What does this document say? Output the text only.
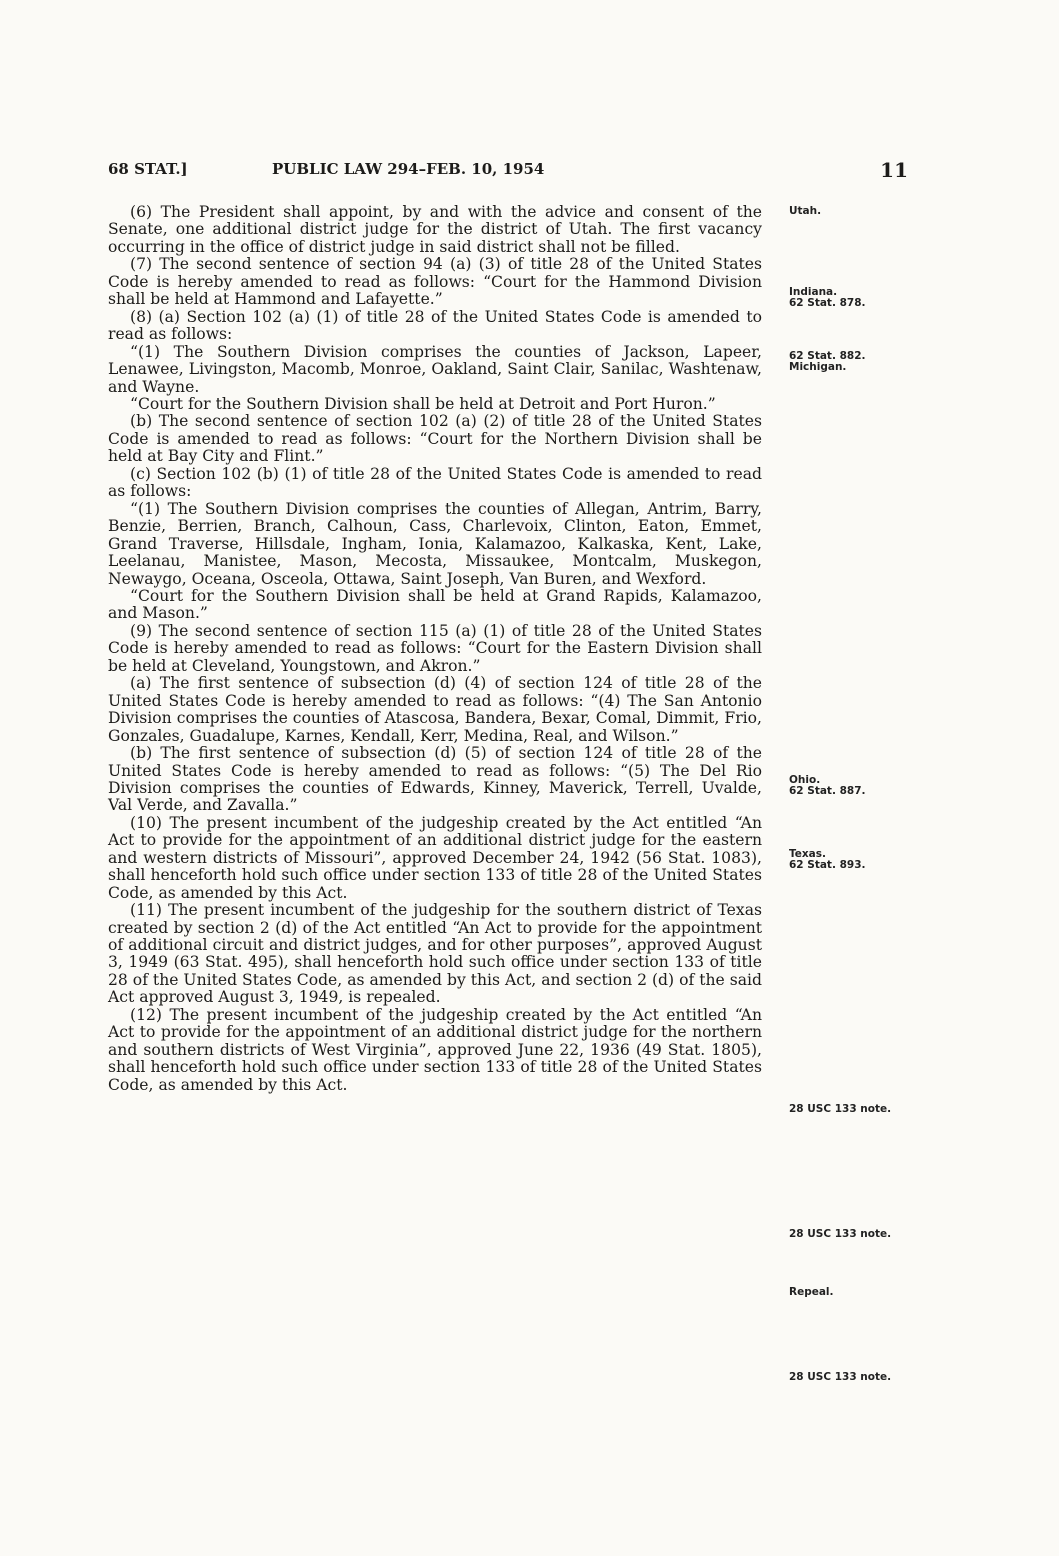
68 STAT.]	PUBLIC LAW 294–FEB. 10, 1954	11

(6) The President shall appoint, by and with the advice and consent of the Senate, one additional district judge for the district of Utah. The first vacancy occurring in the office of district judge in said district shall not be filled.

(7) The second sentence of section 94 (a) (3) of title 28 of the United States Code is hereby amended to read as follows: “Court for the Hammond Division shall be held at Hammond and Lafayette.”

(8) (a) Section 102 (a) (1) of title 28 of the United States Code is amended to read as follows:

“(1) The Southern Division comprises the counties of Jackson, Lapeer, Lenawee, Livingston, Macomb, Monroe, Oakland, Saint Clair, Sanilac, Washtenaw, and Wayne.

“Court for the Southern Division shall be held at Detroit and Port Huron.”

(b) The second sentence of section 102 (a) (2) of title 28 of the United States Code is amended to read as follows: “Court for the Northern Division shall be held at Bay City and Flint.”

(c) Section 102 (b) (1) of title 28 of the United States Code is amended to read as follows:

“(1) The Southern Division comprises the counties of Allegan, Antrim, Barry, Benzie, Berrien, Branch, Calhoun, Cass, Charlevoix, Clinton, Eaton, Emmet, Grand Traverse, Hillsdale, Ingham, Ionia, Kalamazoo, Kalkaska, Kent, Lake, Leelanau, Manistee, Mason, Mecosta, Missaukee, Montcalm, Muskegon, Newaygo, Oceana, Osceola, Ottawa, Saint Joseph, Van Buren, and Wexford.

“Court for the Southern Division shall be held at Grand Rapids, Kalamazoo, and Mason.”

(9) The second sentence of section 115 (a) (1) of title 28 of the United States Code is hereby amended to read as follows: “Court for the Eastern Division shall be held at Cleveland, Youngstown, and Akron.”

(a) The first sentence of subsection (d) (4) of section 124 of title 28 of the United States Code is hereby amended to read as follows: “(4) The San Antonio Division comprises the counties of Atascosa, Bandera, Bexar, Comal, Dimmit, Frio, Gonzales, Guadalupe, Karnes, Kendall, Kerr, Medina, Real, and Wilson.”

(b) The first sentence of subsection (d) (5) of section 124 of title 28 of the United States Code is hereby amended to read as follows: “(5) The Del Rio Division comprises the counties of Edwards, Kinney, Maverick, Terrell, Uvalde, Val Verde, and Zavalla.”

(10) The present incumbent of the judgeship created by the Act entitled “An Act to provide for the appointment of an additional district judge for the eastern and western districts of Missouri”, approved December 24, 1942 (56 Stat. 1083), shall henceforth hold such office under section 133 of title 28 of the United States Code, as amended by this Act.

(11) The present incumbent of the judgeship for the southern district of Texas created by section 2 (d) of the Act entitled “An Act to provide for the appointment of additional circuit and district judges, and for other purposes”, approved August 3, 1949 (63 Stat. 495), shall henceforth hold such office under section 133 of title 28 of the United States Code, as amended by this Act, and section 2 (d) of the said Act approved August 3, 1949, is repealed.

(12) The present incumbent of the judgeship created by the Act entitled “An Act to provide for the appointment of an additional district judge for the northern and southern districts of West Virginia”, approved June 22, 1936 (49 Stat. 1805), shall henceforth hold such office under section 133 of title 28 of the United States Code, as amended by this Act.

Utah.
Indiana.
62 Stat. 878.
62 Stat. 882.
Michigan.
Ohio.
62 Stat. 887.
Texas.
62 Stat. 893.
28 USC 133 note.
28 USC 133 note.
Repeal.
28 USC 133 note.
